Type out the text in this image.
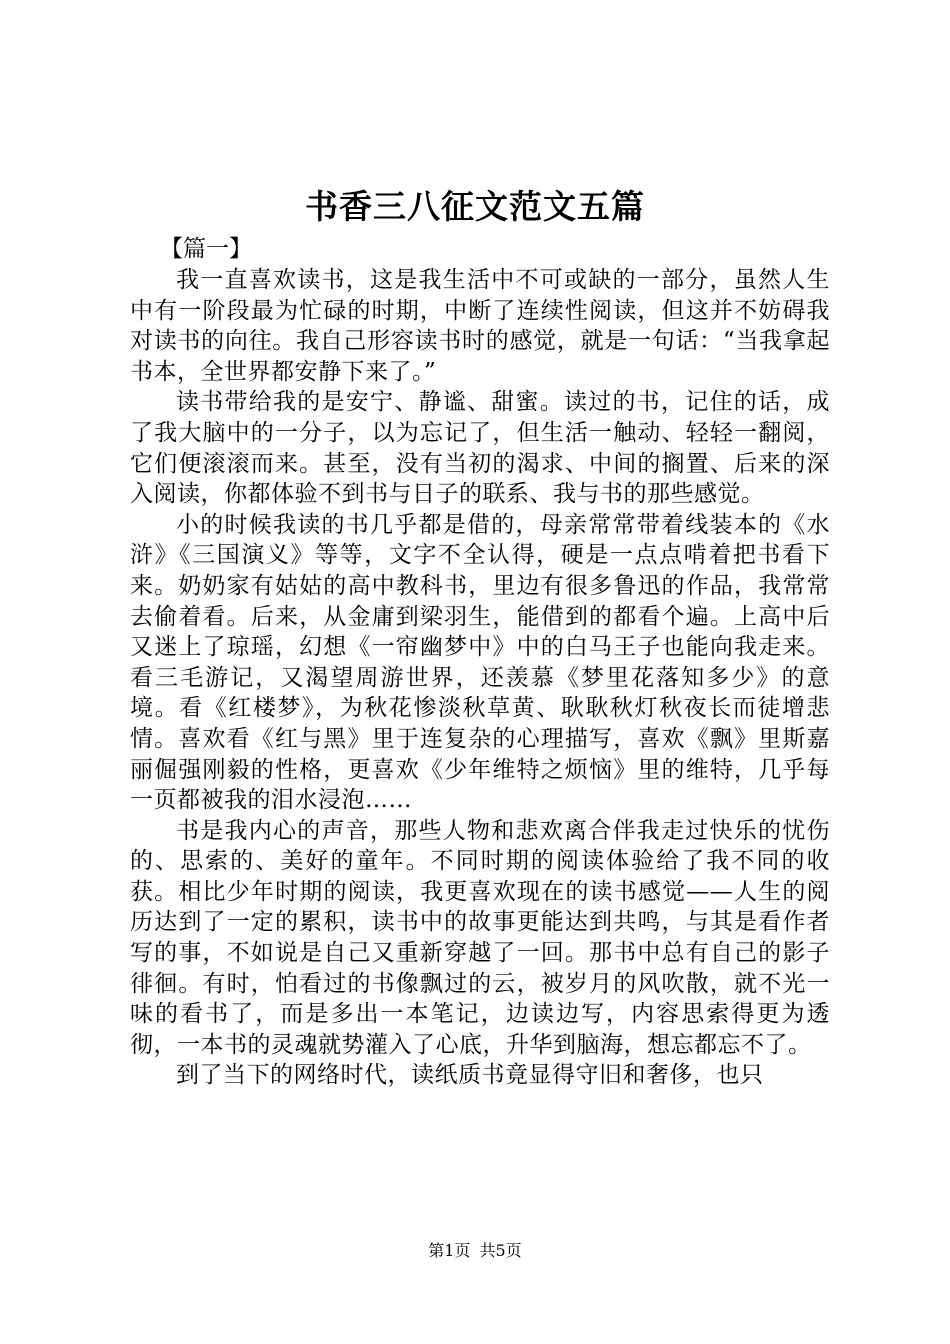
书香三八征文范文五篇
【篇一】

我一直喜欢读书，这是我生活中不可或缺的一部分，虽然人生中有一阶段最为忙碌的时期，中断了连续性阅读，但这并不妨碍我对读书的向往。我自己形容读书时的感觉，就是一句话：“当我拿起书本，全世界都安静下来了。”

读书带给我的是安宁、静谧、甜蜜。读过的书，记住的话，成了我大脑中的一分子，以为忘记了，但生活一触动、轻轻一翻阅，它们便滚滚而来。甚至，没有当初的渴求、中间的搁置、后来的深入阅读，你都体验不到书与日子的联系、我与书的那些感觉。

小的时候我读的书几乎都是借的，母亲常常带着线装本的《水浒》《三国演义》等等，文字不全认得，硬是一点点啃着把书看下来。奶奶家有姑姑的高中教科书，里边有很多鲁迅的作品，我常常去偷着看。后来，从金庸到梁羽生，能借到的都看个遍。上高中后又迷上了琼瑶，幻想《一帘幽梦中》中的白马王子也能向我走来。看三毛游记，又渴望周游世界，还羡慕《梦里花落知多少》的意境。看《红楼梦》，为秋花惨淡秋草黄、耿耿秋灯秋夜长而徒增悲情。喜欢看《红与黑》里于连复杂的心理描写，喜欢《飘》里斯嘉丽倔强刚毅的性格，更喜欢《少年维特之烦恼》里的维特，几乎每一页都被我的泪水浸泡……

书是我内心的声音，那些人物和悲欢离合伴我走过快乐的忧伤的、思索的、美好的童年。不同时期的阅读体验给了我不同的收获。相比少年时期的阅读，我更喜欢现在的读书感觉——人生的阅历达到了一定的累积，读书中的故事更能达到共鸣，与其是看作者写的事，不如说是自己又重新穿越了一回。那书中总有自己的影子徘徊。有时，怕看过的书像飘过的云，被岁月的风吹散，就不光一味的看书了，而是多出一本笔记，边读边写，内容思索得更为透彻，一本书的灵魂就势灌入了心底，升华到脑海，想忘都忘不了。

到了当下的网络时代，读纸质书竟显得守旧和奢侈，也只

第1页 共5页
